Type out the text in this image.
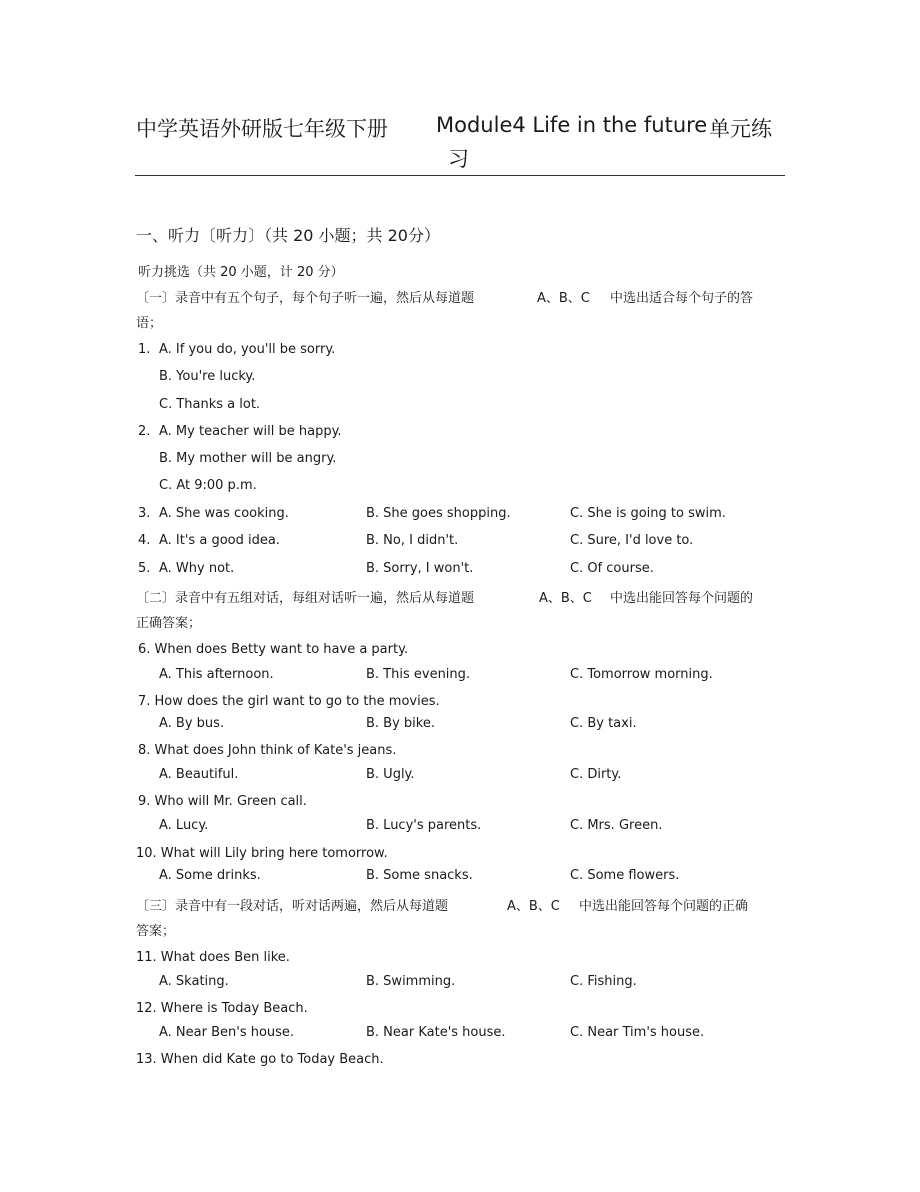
中学英语外研版七年级下册 Module4 Life in the future 单元练
习
一、听力〔听力〕（共 20 小题；共 20分）
听力挑选（共 20 小题，计 20 分）
〔一〕录音中有五个句子，每个句子听一遍，然后从每道题	A、B、C 中选出适合每个句子的答
语；
1. A. If you do, you'll be sorry.
B. You're lucky.
C. Thanks a lot.
2. A. My teacher will be happy.
B. My mother will be angry.
C. At 9:00 p.m.
3. A. She was cooking.	B. She goes shopping.	C. She is going to swim.
4. A. It's a good idea.	B. No, I didn't.	C. Sure, I'd love to.
5. A. Why not.	B. Sorry, I won't.	C. Of course.
〔二〕录音中有五组对话，每组对话听一遍，然后从每道题	A、B、C 中选出能回答每个问题的
正确答案；
6. When does Betty want to have a party.
A. This afternoon.	B. This evening.	C. Tomorrow morning.
7. How does the girl want to go to the movies.
A. By bus.	B. By bike.	C. By taxi.
8. What does John think of Kate's jeans.
A. Beautiful.	B. Ugly.	C. Dirty.
9. Who will Mr. Green call.
A. Lucy.	B. Lucy's parents.	C. Mrs. Green.
10. What will Lily bring here tomorrow.
A. Some drinks.	B. Some snacks.	C. Some flowers.
〔三〕录音中有一段对话，听对话两遍，然后从每道题	A、B、C 中选出能回答每个问题的正确
答案；
11. What does Ben like.
A. Skating.	B. Swimming.	C. Fishing.
12. Where is Today Beach.
A. Near Ben's house.	B. Near Kate's house.	C. Near Tim's house.
13. When did Kate go to Today Beach.
